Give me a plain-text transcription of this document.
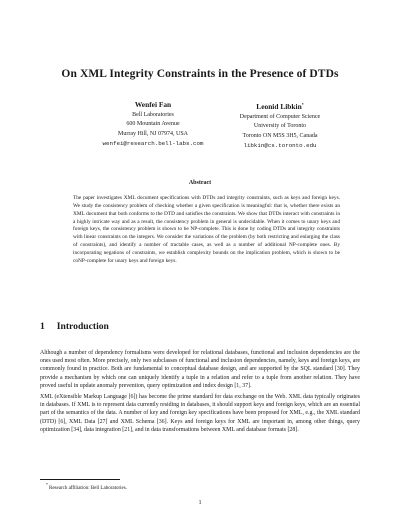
On XML Integrity Constraints in the Presence of DTDs
Wenfei Fan
Bell Laboratories
600 Mountain Avenue
Murray Hill, NJ 07974, USA
wenfei@research.bell-labs.com
Leonid Libkin*
Department of Computer Science
University of Toronto
Toronto ON M5S 3H5, Canada
libkin@cs.toronto.edu
Abstract

The paper investigates XML document specifications with DTDs and integrity constraints, such as keys and foreign keys. We study the consistency problem of checking whether a given specification is meaningful: that is, whether there exists an XML document that both conforms to the DTD and satisfies the constraints. We show that DTDs interact with constraints in a highly intricate way and as a result, the consistency problem in general is undecidable. When it comes to unary keys and foreign keys, the consistency problem is shown to be NP-complete. This is done by coding DTDs and integrity constraints with linear constraints on the integers. We consider the variations of the problem (by both restricting and enlarging the class of constraints), and identify a number of tractable cases, as well as a number of additional NP-complete ones. By incorporating negations of constraints, we establish complexity bounds on the implication problem, which is shown to be coNP-complete for unary keys and foreign keys.

1 Introduction

Although a number of dependency formalisms were developed for relational databases, functional and inclusion dependencies are the ones used most often. More precisely, only two subclasses of functional and inclusion dependencies, namely, keys and foreign keys, are commonly found in practice. Both are fundamental to conceptual database design, and are supported by the SQL standard [30]. They provide a mechanism by which one can uniquely identify a tuple in a relation and refer to a tuple from another relation. They have proved useful in update anomaly prevention, query optimization and index design [1, 37].

XML (eXtensible Markup Language [6]) has become the prime standard for data exchange on the Web. XML data typically originates in databases. If XML is to represent data currently residing in databases, it should support keys and foreign keys, which are an essential part of the semantics of the data. A number of key and foreign key specifications have been proposed for XML, e.g., the XML standard (DTD) [6], XML Data [27] and XML Schema [36]. Keys and foreign keys for XML are important in, among other things, query optimization [34], data integration [21], and in data transformations between XML and database formats [28].

*Research affiliation: Bell Laboratories.

1
